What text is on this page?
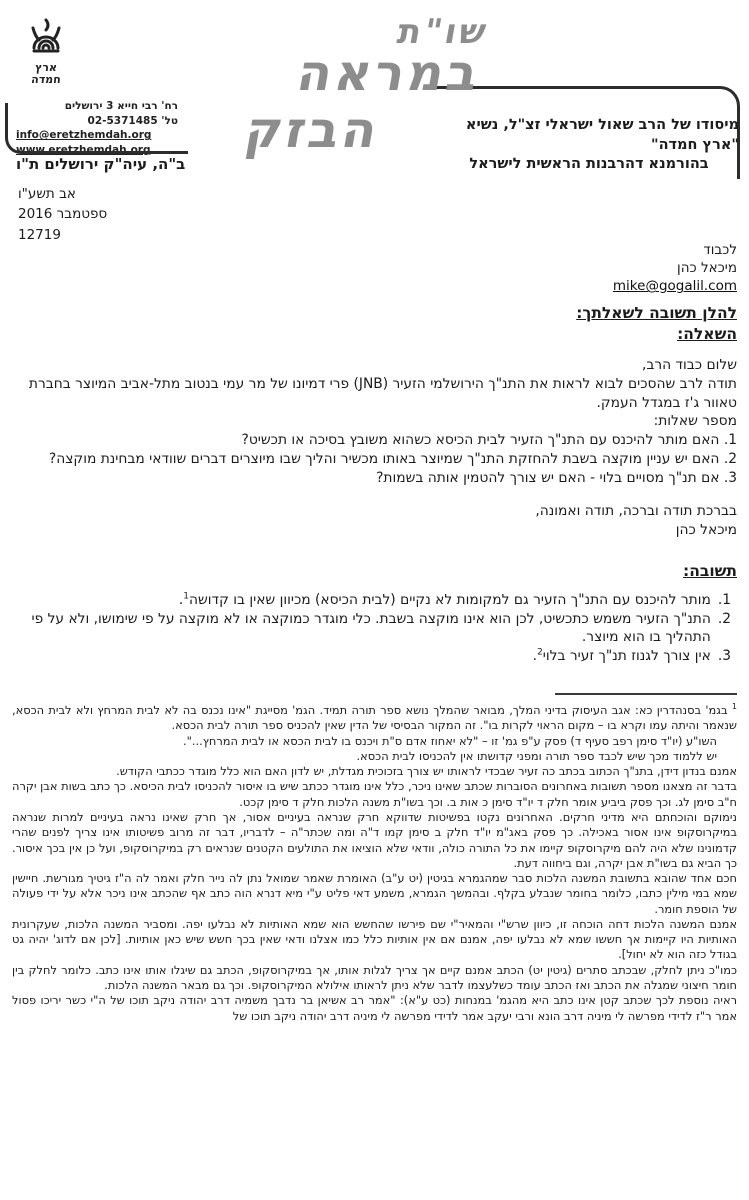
ארץ
חמדה
רח' רבי חייא 3 ירושלים
טל' 02-5371485
info@eretzhemdah.org
www.eretzhemdah.org
שו"ת
במראה
הבזק	מיסודו של הרב שאול ישראלי זצ"ל, נשיא "ארץ חמדה"
בהורמנא דהרבנות הראשית לישראל
ב"ה, עיה"ק ירושלים ת"ו
אב תשע"ו
ספטמבר 2016
12719
לכבוד
מיכאל כהן
mike@gogalil.com
להלן תשובה לשאלתך:
השאלה:
שלום כבוד הרב,
תודה לרב שהסכים לבוא לראות את התנ"ך הירושלמי הזעיר (JNB) פרי דמיונו של מר עמי בנטוב מתל-אביב המיוצר בחברת טאוור ג'ז במגדל העמק.
מספר שאלות:
1. האם מותר להיכנס עם התנ"ך הזעיר לבית הכיסא כשהוא משובץ בסיכה או תכשיט?
2. האם יש עניין מוקצה בשבת להחזקת התנ"ך שמיוצר באותו מכשיר והליך שבו מיוצרים דברים שוודאי מבחינת מוקצה?
3. אם תנ"ך מסויים בלוי - האם יש צורך להטמין אותה בשמות?
בברכת תודה וברכה, תודה ואמונה,
מיכאל כהן
תשובה:
1.
מותר להיכנס עם התנ"ך הזעיר גם למקומות לא נקיים (לבית הכיסא) מכיוון שאין בו קדושה$^1$.
2.
התנ"ך הזעיר משמש כתכשיט, לכן הוא אינו מוקצה בשבת. כלי מוגדר כמוקצה או לא מוקצה על פי שימושו, ולא על פי התהליך בו הוא מיוצר.
3.
אין צורך לגנוז תנ"ך זעיר בלוי$^2$.

$^1$ בגמ' בסנהדרין כא: אגב העיסוק בדיני המלך, מבואר שהמלך נושא ספר תורה תמיד. הגמ' מסייגת "אינו נכנס בה לא לבית המרחץ ולא לבית הכסא, שנאמר והיתה עמו וקרא בו – מקום הראוי לקרות בו". זה המקור הבסיסי של הדין שאין להכניס ספר תורה לבית הכסא.

השו"ע (יו"ד סימן רפב סעיף ד) פסק ע"פ גמ' זו – "לא יאחוז אדם ס"ת ויכנס בו לבית הכסא או לבית המרחץ...".

יש ללמוד מכך שיש לכבד ספר תורה ומפני קדושתו אין להכניסו לבית הכסא.

אמנם בנדון דידן, בתנ"ך הכתוב בכתב כה זעיר שבכדי לראותו יש צורך בזכוכית מגדלת, יש לדון האם הוא כלל מוגדר ככתבי הקודש.

בדבר זה מצאנו מספר תשובות באחרונים הסוברות שכתב שאינו ניכר, כלל אינו מוגדר ככתב שיש בו איסור להכניסו לבית הכיסא. כך כתב בשות אבן יקרה ח"ב סימן לג. וכך פסק ביביע אומר חלק ד יו"ד סימן כ אות ב. וכך בשו"ת משנה הלכות חלק ד סימן קכט.

נימוקם והוכחתם היא מדיני חרקים. האחרונים נקטו בפשיטות שדווקא חרק שנראה בעיניים אסור, אך חרק שאינו נראה בעיניים למרות שנראה במיקרוסקופ אינו אסור באכילה. כך פסק באג"מ יו"ד חלק ב סימן קמו ד"ה ומה שכתר"ה – לדבריו, דבר זה מרוב פשיטותו אינו צריך לפנים שהרי קדמונינו שלא היה להם מיקרוסקופ קיימו את כל התורה כולה, וודאי שלא הוציאו את התולעים הקטנים שנראים רק במיקרוסקופ, ועל כן אין בכך איסור. כך הביא גם בשו"ת אבן יקרה, וגם ביחווה דעת.

חכם אחד שהובא בתשובת המשנה הלכות סבר שמהגמרא בגיטין (יט ע"ב) האומרת שאמר שמואל נתן לה נייר חלק ואמר לה ה"ז גיטיך מגורשת. חיישין שמא במי מילין כתבו, כלומר בחומר שנבלע בקלף. ובהמשך הגמרא, משמע דאי פליט ע"י מיא דנרא הוה כתב אף שהכתב אינו ניכר אלא על ידי פעולה של הוספת חומר.

אמנם המשנה הלכות דחה הוכחה זו, כיוון שרש"י והמאיר"י שם פירשו שהחשש הוא שמא האותיות לא נבלעו יפה. ומסביר המשנה הלכות, שעקרונית האותיות היו קיימות אך חששו שמא לא נבלעו יפה, אמנם אם אין אותיות כלל כמו אצלנו ודאי שאין בכך חשש שיש כאן אותיות. [לכן אם לדוג' יהיה גט בגודל כזה הוא לא יחול].

כמו"כ ניתן לחלק, שבכתב סתרים (גיטין יט) הכתב אמנם קיים אך צריך לגלות אותו, אך במיקרוסקופ, הכתב גם שיגלו אותו אינו כתב. כלומר לחלק בין חומר חיצוני שמגלה את הכתב ואז הכתב עומד כשלעצמו לדבר שלא ניתן לראותו אילולא המיקרוסקופ. וכך גם מבאר המשנה הלכות.

ראיה נוספת לכך שכתב קטן אינו כתב היא מהגמ' במנחות (כט ע"א): "אמר רב אשיאן בר נדבך משמיה דרב יהודה ניקב תוכו של ה"י כשר יריכו פסול אמר ר"ז לדידי מפרשה לי מיניה דרב הונא ורבי יעקב אמר לדידי מפרשה לי מיניה דרב יהודה ניקב תוכו של
